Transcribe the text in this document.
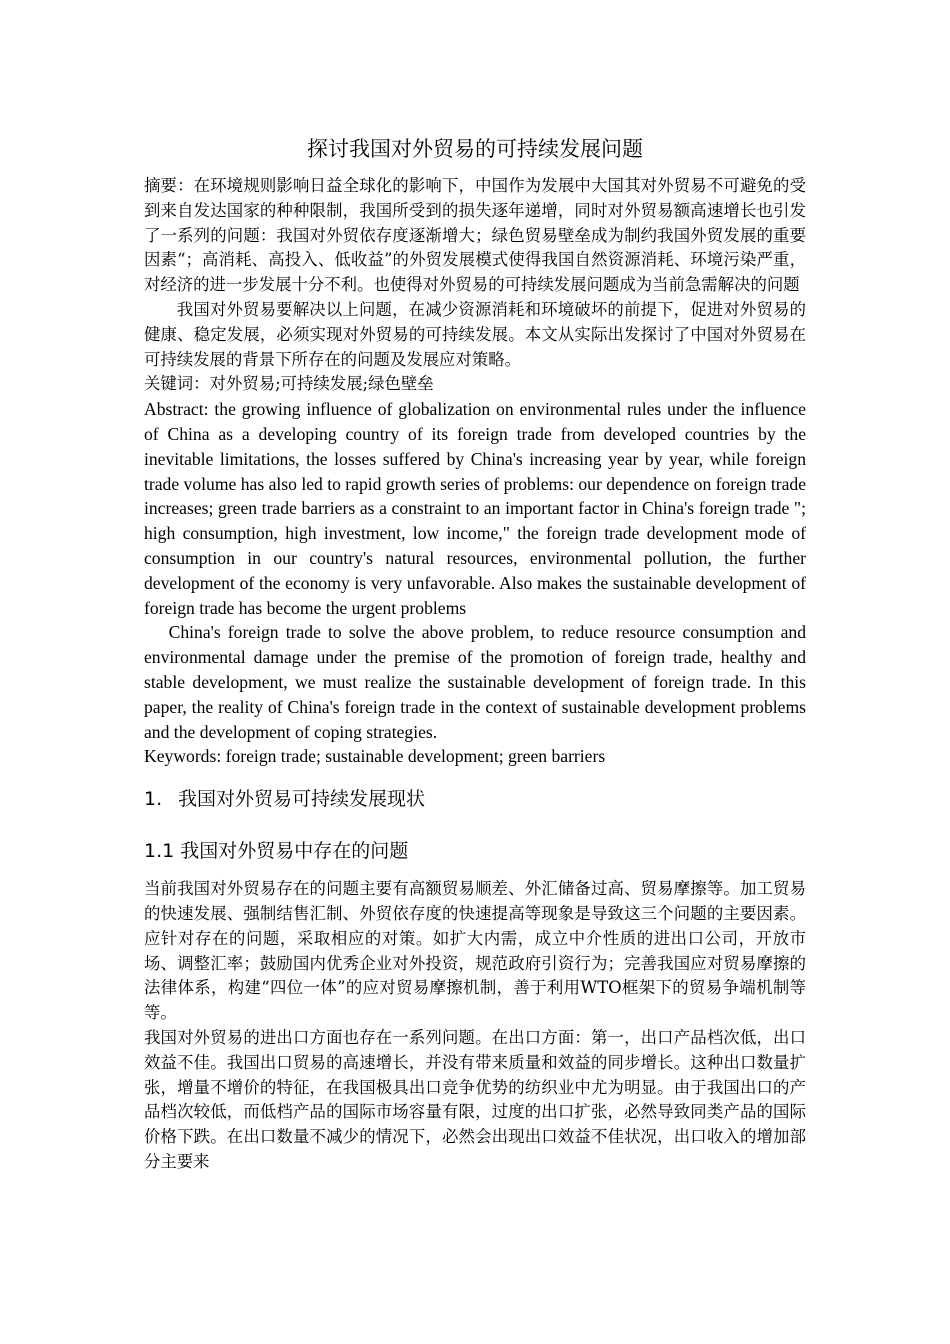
探讨我国对外贸易的可持续发展问题

摘要：在环境规则影响日益全球化的影响下，中国作为发展中大国其对外贸易不可避免的受到来自发达国家的种种限制，我国所受到的损失逐年递增，同时对外贸易额高速增长也引发了一系列的问题：我国对外贸依存度逐渐增大；绿色贸易壁垒成为制约我国外贸发展的重要因素“；高消耗、高投入、低收益”的外贸发展模式使得我国自然资源消耗、环境污染严重，对经济的进一步发展十分不利。也使得对外贸易的可持续发展问题成为当前急需解决的问题

我国对外贸易要解决以上问题，在减少资源消耗和环境破坏的前提下，促进对外贸易的健康、稳定发展，必须实现对外贸易的可持续发展。本文从实际出发探讨了中国对外贸易在可持续发展的背景下所存在的问题及发展应对策略。

关键词：对外贸易;可持续发展;绿色壁垒

Abstract: the growing influence of globalization on environmental rules under the influence of China as a developing country of its foreign trade from developed countries by the inevitable limitations, the losses suffered by China's increasing year by year, while foreign trade volume has also led to rapid growth series of problems: our dependence on foreign trade increases; green trade barriers as a constraint to an important factor in China's foreign trade "; high consumption, high investment, low income," the foreign trade development mode of consumption in our country's natural resources, environmental pollution, the further development of the economy is very unfavorable. Also makes the sustainable development of foreign trade has become the urgent problems

China's foreign trade to solve the above problem, to reduce resource consumption and environmental damage under the premise of the promotion of foreign trade, healthy and stable development, we must realize the sustainable development of foreign trade. In this paper, the reality of China's foreign trade in the context of sustainable development problems and the development of coping strategies.

Keywords: foreign trade; sustainable development; green barriers

1. 我国对外贸易可持续发展现状
1.1 我国对外贸易中存在的问题

当前我国对外贸易存在的问题主要有高额贸易顺差、外汇储备过高、贸易摩擦等。加工贸易的快速发展、强制结售汇制、外贸依存度的快速提高等现象是导致这三个问题的主要因素。应针对存在的问题，采取相应的对策。如扩大内需，成立中介性质的进出口公司，开放市场、调整汇率；鼓励国内优秀企业对外投资，规范政府引资行为；完善我国应对贸易摩擦的法律体系，构建“四位一体”的应对贸易摩擦机制，善于利用WTO框架下的贸易争端机制等等。

我国对外贸易的进出口方面也存在一系列问题。在出口方面：第一，出口产品档次低，出口效益不佳。我国出口贸易的高速增长，并没有带来质量和效益的同步增长。这种出口数量扩张，增量不增价的特征，在我国极具出口竞争优势的纺织业中尤为明显。由于我国出口的产品档次较低，而低档产品的国际市场容量有限，过度的出口扩张，必然导致同类产品的国际价格下跌。在出口数量不减少的情况下，必然会出现出口效益不佳状况，出口收入的增加部分主要来
